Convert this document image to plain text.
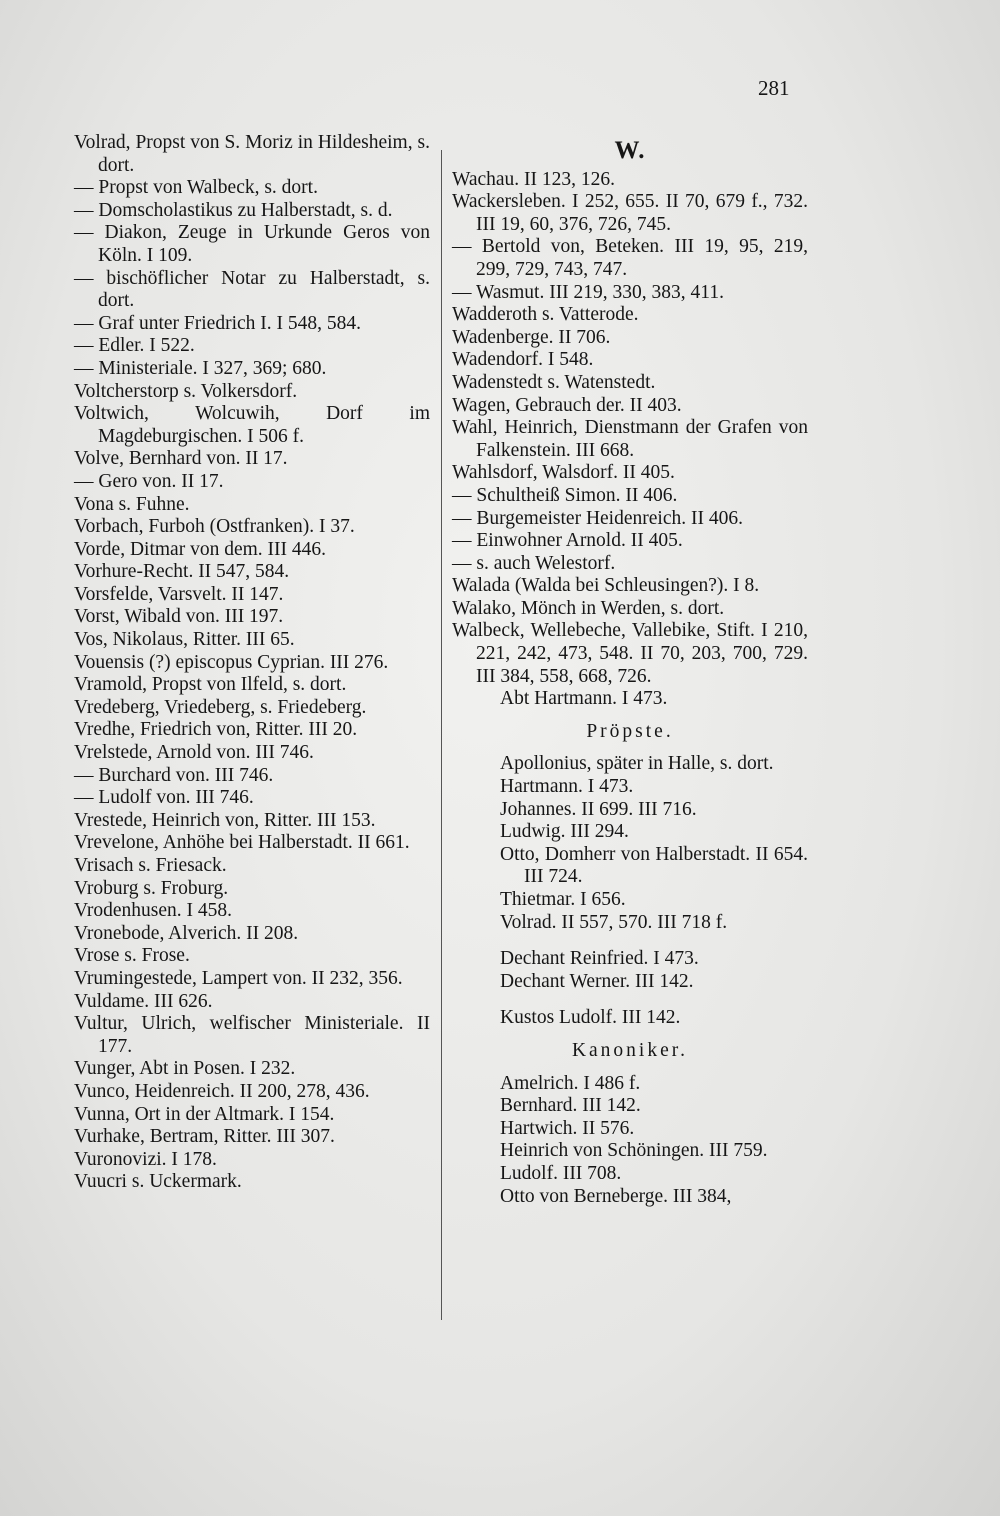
281
Volrad, Propst von S. Moriz in Hildesheim, s. dort.
— Propst von Walbeck, s. dort.
— Domscholastikus zu Halberstadt, s. d.
— Diakon, Zeuge in Urkunde Geros von Köln. I 109.
— bischöflicher Notar zu Halberstadt, s. dort.
— Graf unter Friedrich I. I 548, 584.
— Edler. I 522.
— Ministeriale. I 327, 369; 680.
Voltcherstorp s. Volkersdorf.
Voltwich, Wolcuwih, Dorf im Magdeburgischen. I 506 f.
Volve, Bernhard von. II 17.
— Gero von. II 17.
Vona s. Fuhne.
Vorbach, Furboh (Ostfranken). I 37.
Vorde, Ditmar von dem. III 446.
Vorhure-Recht. II 547, 584.
Vorsfelde, Varsvelt. II 147.
Vorst, Wibald von. III 197.
Vos, Nikolaus, Ritter. III 65.
Vouensis (?) episcopus Cyprian. III 276.
Vramold, Propst von Ilfeld, s. dort.
Vredeberg, Vriedeberg, s. Friedeberg.
Vredhe, Friedrich von, Ritter. III 20.
Vrelstede, Arnold von. III 746.
— Burchard von. III 746.
— Ludolf von. III 746.
Vrestede, Heinrich von, Ritter. III 153.
Vrevelone, Anhöhe bei Halberstadt. II 661.
Vrisach s. Friesack.
Vroburg s. Froburg.
Vrodenhusen. I 458.
Vronebode, Alverich. II 208.
Vrose s. Frose.
Vrumingestede, Lampert von. II 232, 356.
Vuldame. III 626.
Vultur, Ulrich, welfischer Ministeriale. II 177.
Vunger, Abt in Posen. I 232.
Vunco, Heidenreich. II 200, 278, 436.
Vunna, Ort in der Altmark. I 154.
Vurhake, Bertram, Ritter. III 307.
Vuronovizi. I 178.
Vuucri s. Uckermark.
W.
Wachau. II 123, 126.
Wackersleben. I 252, 655. II 70, 679 f., 732. III 19, 60, 376, 726, 745.
— Bertold von, Beteken. III 19, 95, 219, 299, 729, 743, 747.
— Wasmut. III 219, 330, 383, 411.
Wadderoth s. Vatterode.
Wadenberge. II 706.
Wadendorf. I 548.
Wadenstedt s. Watenstedt.
Wagen, Gebrauch der. II 403.
Wahl, Heinrich, Dienstmann der Grafen von Falkenstein. III 668.
Wahlsdorf, Walsdorf. II 405.
— Schultheiß Simon. II 406.
— Burgemeister Heidenreich. II 406.
— Einwohner Arnold. II 405.
— s. auch Welestorf.
Walada (Walda bei Schleusingen?). I 8.
Walako, Mönch in Werden, s. dort.
Walbeck, Wellebeche, Vallebike, Stift. I 210, 221, 242, 473, 548. II 70, 203, 700, 729. III 384, 558, 668, 726.
Abt Hartmann. I 473.
Pröpste.
Apollonius, später in Halle, s. dort.
Hartmann. I 473.
Johannes. II 699. III 716.
Ludwig. III 294.
Otto, Domherr von Halberstadt. II 654. III 724.
Thietmar. I 656.
Volrad. II 557, 570. III 718 f.
Dechant Reinfried. I 473.
Dechant Werner. III 142.
Kustos Ludolf. III 142.
Kanoniker.
Amelrich. I 486 f.
Bernhard. III 142.
Hartwich. II 576.
Heinrich von Schöningen. III 759.
Ludolf. III 708.
Otto von Berneberge. III 384,
